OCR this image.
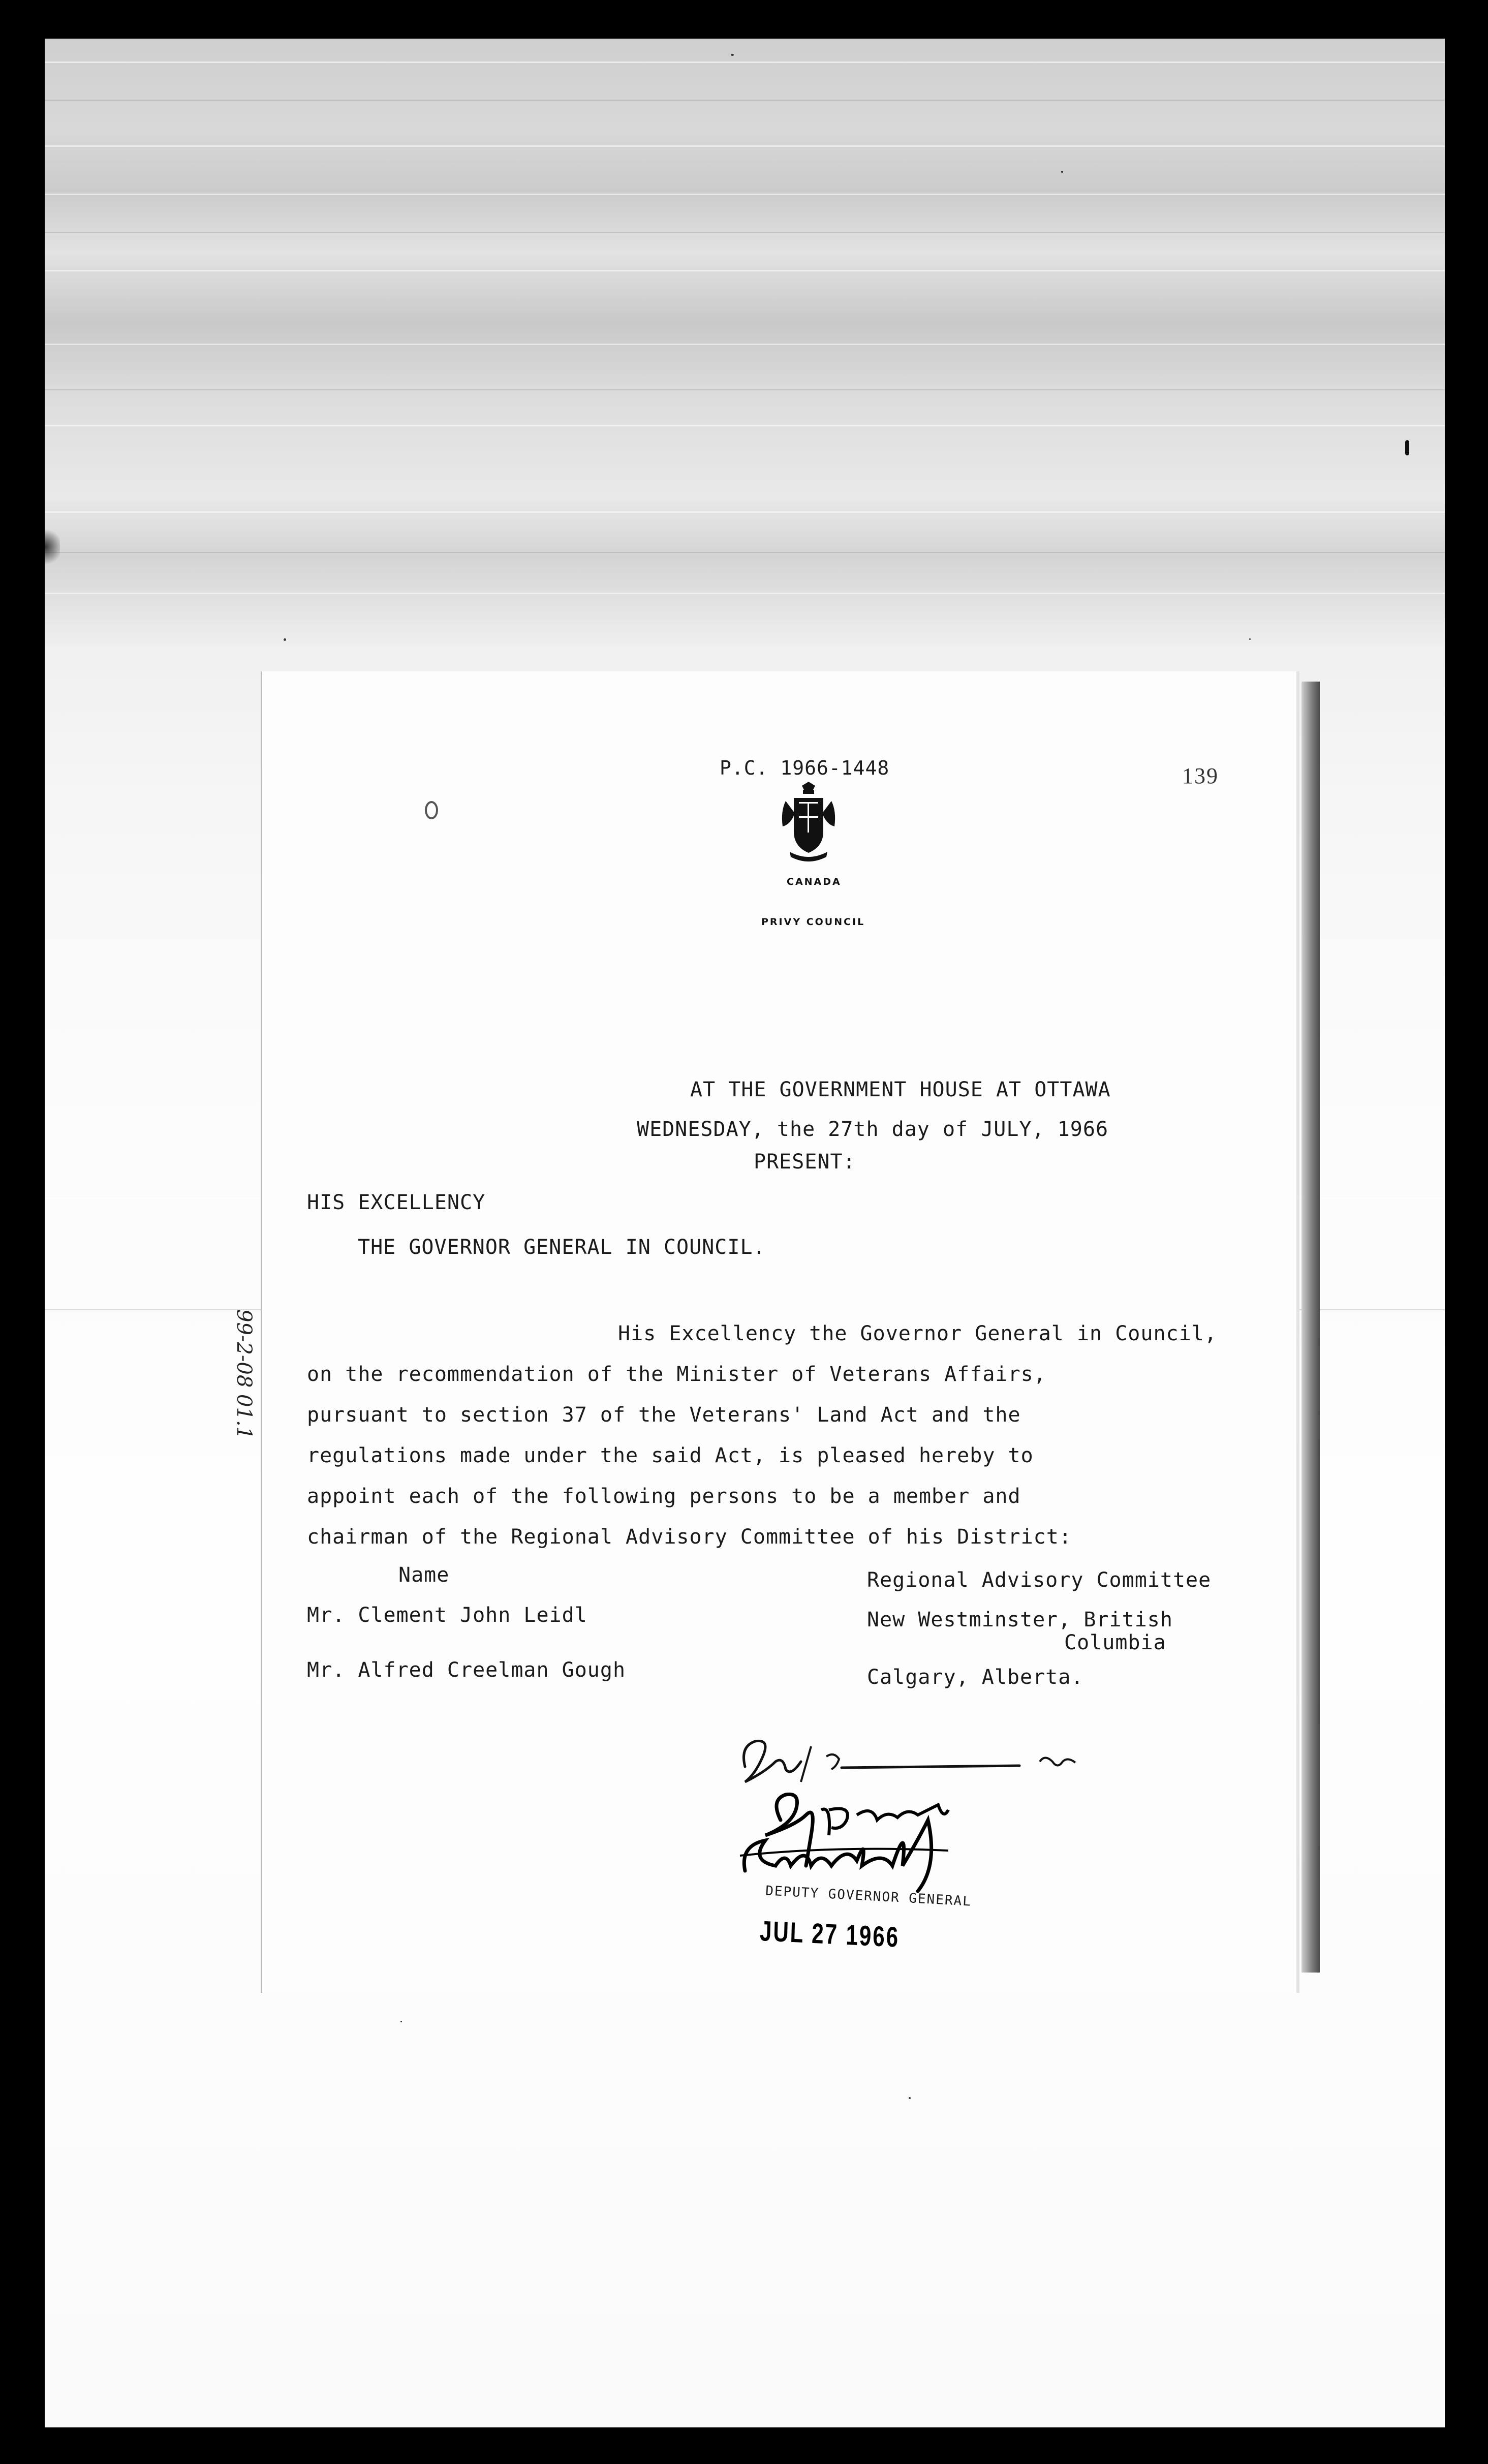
P.C. 1966-1448	139
CANADA
PRIVY COUNCIL
AT THE GOVERNMENT HOUSE AT OTTAWA
WEDNESDAY, the 27th day of JULY, 1966
PRESENT:
HIS EXCELLENCY
THE GOVERNOR GENERAL IN COUNCIL.
His Excellency the Governor General in Council,
on the recommendation of the Minister of Veterans Affairs,
pursuant to section 37 of the Veterans' Land Act and the
regulations made under the said Act, is pleased hereby to
appoint each of the following persons to be a member and
chairman of the Regional Advisory Committee of his District:
Name	Regional Advisory Committee
Mr. Clement John Leidl	New Westminster, British
Columbia
Mr. Alfred Creelman Gough	Calgary, Alberta.
DEPUTY GOVERNOR GENERAL
JUL 27 1966
99-2-08 01.1
